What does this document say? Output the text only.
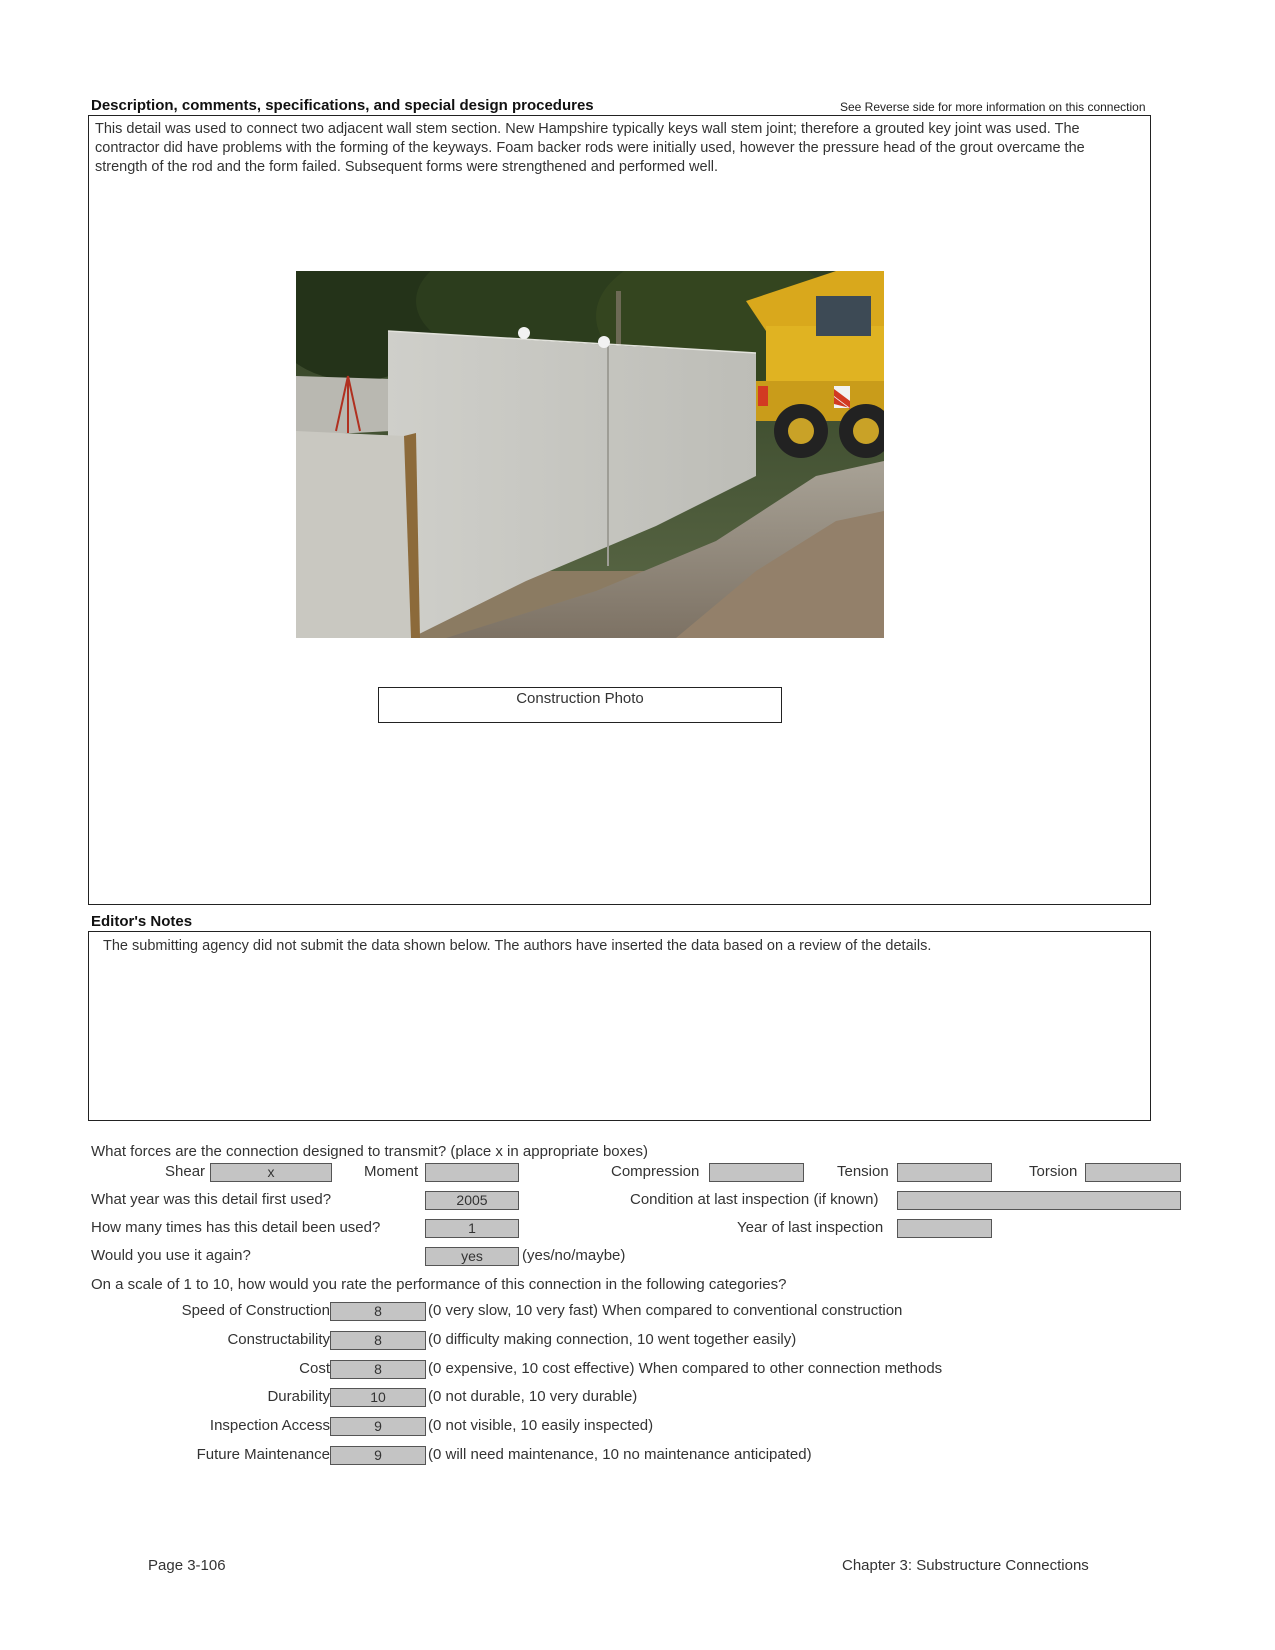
Description, comments, specifications, and special design procedures	See Reverse side for more information on this connection
This detail was used to connect two adjacent wall stem section. New Hampshire typically keys wall stem joint; therefore a grouted key joint was used. The contractor did have problems with the forming of the keyways. Foam backer rods were initially used, however the pressure head of the grout overcame the strength of the rod and the form failed. Subsequent forms were strengthened and performed well.
Construction Photo
Editor's Notes
The submitting agency did not submit the data shown below. The authors have inserted the data based on a review of the details.
What forces are the connection designed to transmit? (place x in appropriate boxes)
Shear	x	Moment	Compression	Tension	Torsion
What year was this detail first used?	2005	Condition at last inspection (if known)
How many times has this detail been used?	1	Year of last inspection
Would you use it again?	yes	(yes/no/maybe)
On a scale of 1 to 10, how would you rate the performance of this connection in the following categories?
Speed of Construction	8	(0 very slow, 10 very fast) When compared to conventional construction
Constructability	8	(0 difficulty making connection, 10 went together easily)
Cost	8	(0 expensive, 10 cost effective) When compared to other connection methods
Durability	10	(0 not durable, 10 very durable)
Inspection Access	9	(0 not visible, 10 easily inspected)
Future Maintenance	9	(0 will need maintenance, 10 no maintenance anticipated)
Page 3-106	Chapter 3: Substructure Connections
